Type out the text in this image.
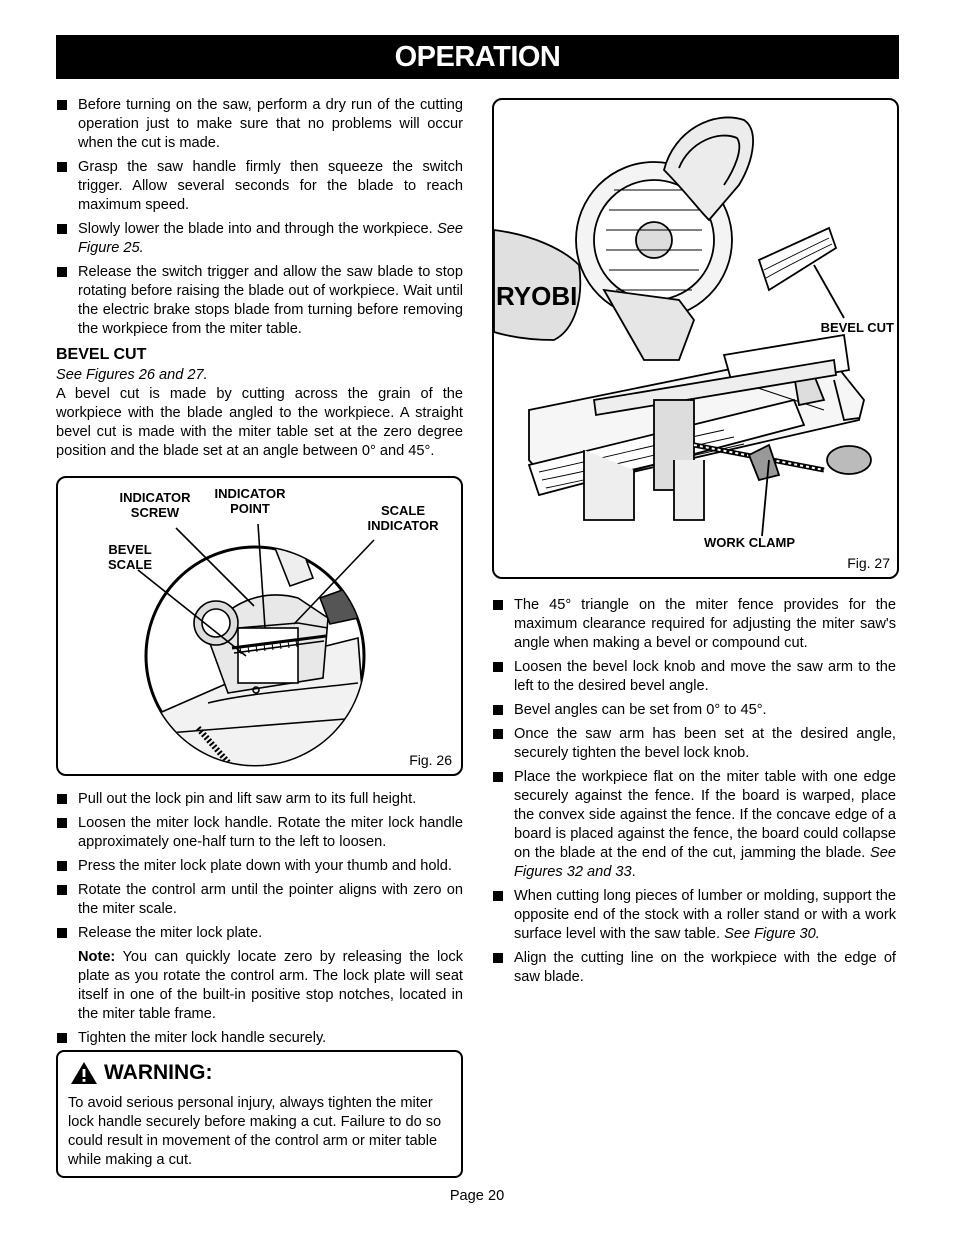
OPERATION
Before turning on the saw, perform a dry run of the cutting operation just to make sure that no problems will occur when the cut is made.
Grasp the saw handle firmly then squeeze the switch trigger. Allow several seconds for the blade to reach maximum speed.
Slowly lower the blade into and through the workpiece. See Figure 25.
Release the switch trigger and allow the saw blade to stop rotating before raising the blade out of workpiece. Wait until the electric brake stops blade from turning before removing the workpiece from the miter table.
BEVEL CUT
See Figures 26 and 27.

A bevel cut is made by cutting across the grain of the workpiece with the blade angled to the workpiece. A straight bevel cut is made with the miter table set at the zero degree position and the blade set at an angle between 0° and 45°.

INDICATOR SCREW
INDICATOR POINT	SCALE INDICATOR
BEVEL SCALE
Fig. 26
Pull out the lock pin and lift saw arm to its full height.
Loosen the miter lock handle. Rotate the miter lock handle approximately one-half turn to the left to loosen.
Press the miter lock plate down with your thumb and hold.
Rotate the control arm until the pointer aligns with zero on the miter scale.
Release the miter lock plate.
Note: You can quickly locate zero by releasing the lock plate as you rotate the control arm. The lock plate will seat itself in one of the built-in positive stop notches, located in the miter table frame.
Tighten the miter lock handle securely.
WARNING:
To avoid serious personal injury, always tighten the miter lock handle securely before making a cut. Failure to do so could result in movement of the control arm or miter table while making a cut.
RYOBI
BEVEL CUT
WORK CLAMP
Fig. 27
The 45° triangle on the miter fence provides for the maximum clearance required for adjusting the miter saw's angle when making a bevel or compound cut.
Loosen the bevel lock knob and move the saw arm to the left to the desired bevel angle.
Bevel angles can be set from 0° to 45°.
Once the saw arm has been set at the desired angle, securely tighten the bevel lock knob.
Place the workpiece flat on the miter table with one edge securely against the fence. If the board is warped, place the convex side against the fence. If the concave edge of a board is placed against the fence, the board could collapse on the blade at the end of the cut, jamming the blade. See Figures 32 and 33.
When cutting long pieces of lumber or molding, support the opposite end of the stock with a roller stand or with a work surface level with the saw table. See Figure 30.
Align the cutting line on the workpiece with the edge of saw blade.
Page 20
